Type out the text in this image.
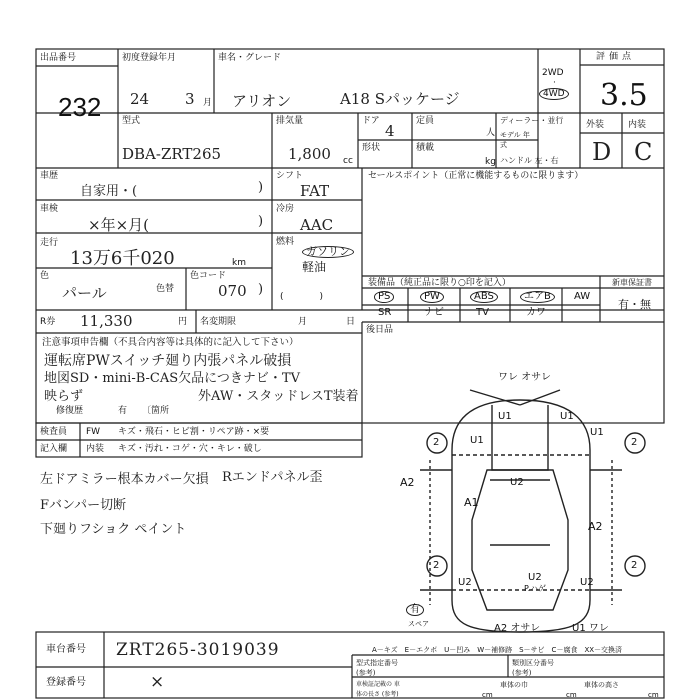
出品番号
232
初度登録年月
24 3 月
車名・グレード
アリオン	A18 Sパッケージ
2WD
·
4WD
評価点
3.5
型式
DBA-ZRT265
排気量
1,800 cc
ドア
4
定員
人
ディーラー・並行
モデル 年式
形状	積載
kg ハンドル 左・右
外装	内装
D C
車歴
自家用・(	)
シフト
FAT
セールスポイント（正常に機能するものに限ります）
車検
×年×月(	)
冷房
AAC
走行
13万6千020	km
燃料
ガソリン
軽油
(　　　　)
色
パール	色替
色コード
070 )	装備品（純正品に限り○印を記入）	新車保証書
PS	PW	ABS	エアB	AW
SR	ナビ	TV	カワ
有・無
R券 11,330	円 名変期限	月	日
後日品
注意事項申告欄（不具合内容等は具体的に記入して下さい）
運転席PWスイッチ廻り内張パネル破損
地図SD・mini-B-CAS欠品につきナビ・TV
映らず	外AW・スタッドレスT装着
修復歴	有 〔箇所
検査員
記入欄
FW キズ・飛石・ヒビ割・リペア跡・×要
内装 キズ・汚れ・コゲ・穴・キレ・破し
左ドアミラー根本カバー欠損 Rエンドパネル歪
Fバンパー切断
下廻りフショク ペイント
ワレ オサレ
U1	U1
U1
U1
2	2
2	2
A2
A1
U2
A2
U2	U2
U2
P.ハゲ
有
スペア	A2 オサレ	U1 ワレ
A－キズ　E－エクボ　U－凹み　W－補修跡　S－サビ　C－腐食　XX－交換済
型式指定番号 (参考)
類別区分番号 (参考)
車検証記載の 車体の長さ (参考)	cm
車体の巾
cm
車体の高さ
cm
車台番号 ZRT265-3019039
登録番号	×
